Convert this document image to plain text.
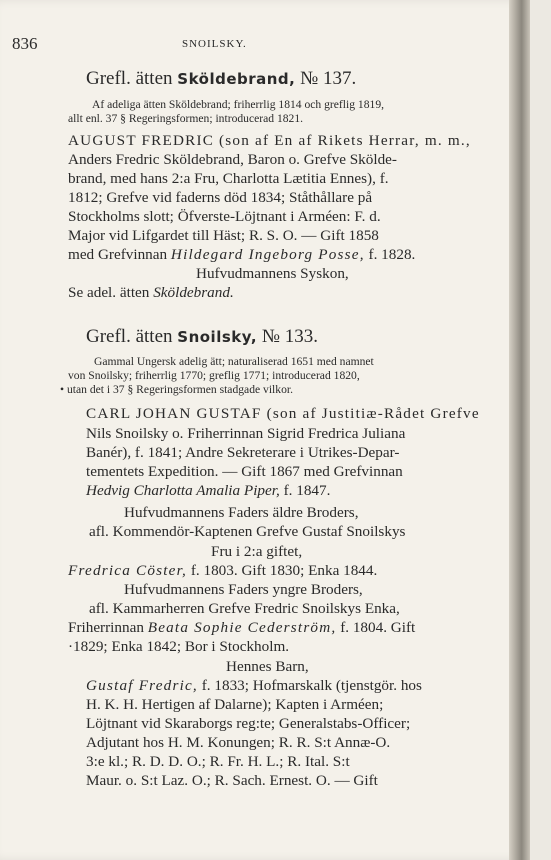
836	SNOILSKY.
Grefl. ätten Sköldebrand, № 137.
Af adeliga ätten Sköldebrand; friherrlig 1814 och greflig 1819,
allt enl. 37 § Regeringsformen; introducerad 1821.
AUGUST FREDRIC (son af En af Rikets Herrar, m. m.,
Anders Fredric Sköldebrand, Baron o. Grefve Skölde-
brand, med hans 2:a Fru, Charlotta Lætitia Ennes), f.
1812; Grefve vid faderns död 1834; Ståthållare på
Stockholms slott; Öfverste-Löjtnant i Arméen: F. d.
Major vid Lifgardet till Häst; R. S. O. — Gift 1858
med Grefvinnan Hildegard Ingeborg Posse, f. 1828.
Hufvudmannens Syskon,
Se adel. ätten Sköldebrand.
Grefl. ätten Snoilsky, № 133.
Gammal Ungersk adelig ätt; naturaliserad 1651 med namnet
von Snoilsky; friherrlig 1770; greflig 1771; introducerad 1820,
• utan det i 37 § Regeringsformen stadgade vilkor.
CARL JOHAN GUSTAF (son af Justitiæ-Rådet Grefve
Nils Snoilsky o. Friherrinnan Sigrid Fredrica Juliana
Banér), f. 1841; Andre Sekreterare i Utrikes-Depar-
tementets Expedition. — Gift 1867 med Grefvinnan
Hedvig Charlotta Amalia Piper, f. 1847.
Hufvudmannens Faders äldre Broders,
afl. Kommendör-Kaptenen Grefve Gustaf Snoilskys
Fru i 2:a giftet,
Fredrica Cöster, f. 1803. Gift 1830; Enka 1844.
Hufvudmannens Faders yngre Broders,
afl. Kammarherren Grefve Fredric Snoilskys Enka,
Friherrinnan Beata Sophie Cederström, f. 1804. Gift
·1829; Enka 1842; Bor i Stockholm.
Hennes Barn,
Gustaf Fredric, f. 1833; Hofmarskalk (tjenstgör. hos
H. K. H. Hertigen af Dalarne); Kapten i Arméen;
Löjtnant vid Skaraborgs reg:te; Generalstabs-Officer;
Adjutant hos H. M. Konungen; R. R. S:t Annæ-O.
3:e kl.; R. D. D. O.; R. Fr. H. L.; R. Ital. S:t
Maur. o. S:t Laz. O.; R. Sach. Ernest. O. — Gift
